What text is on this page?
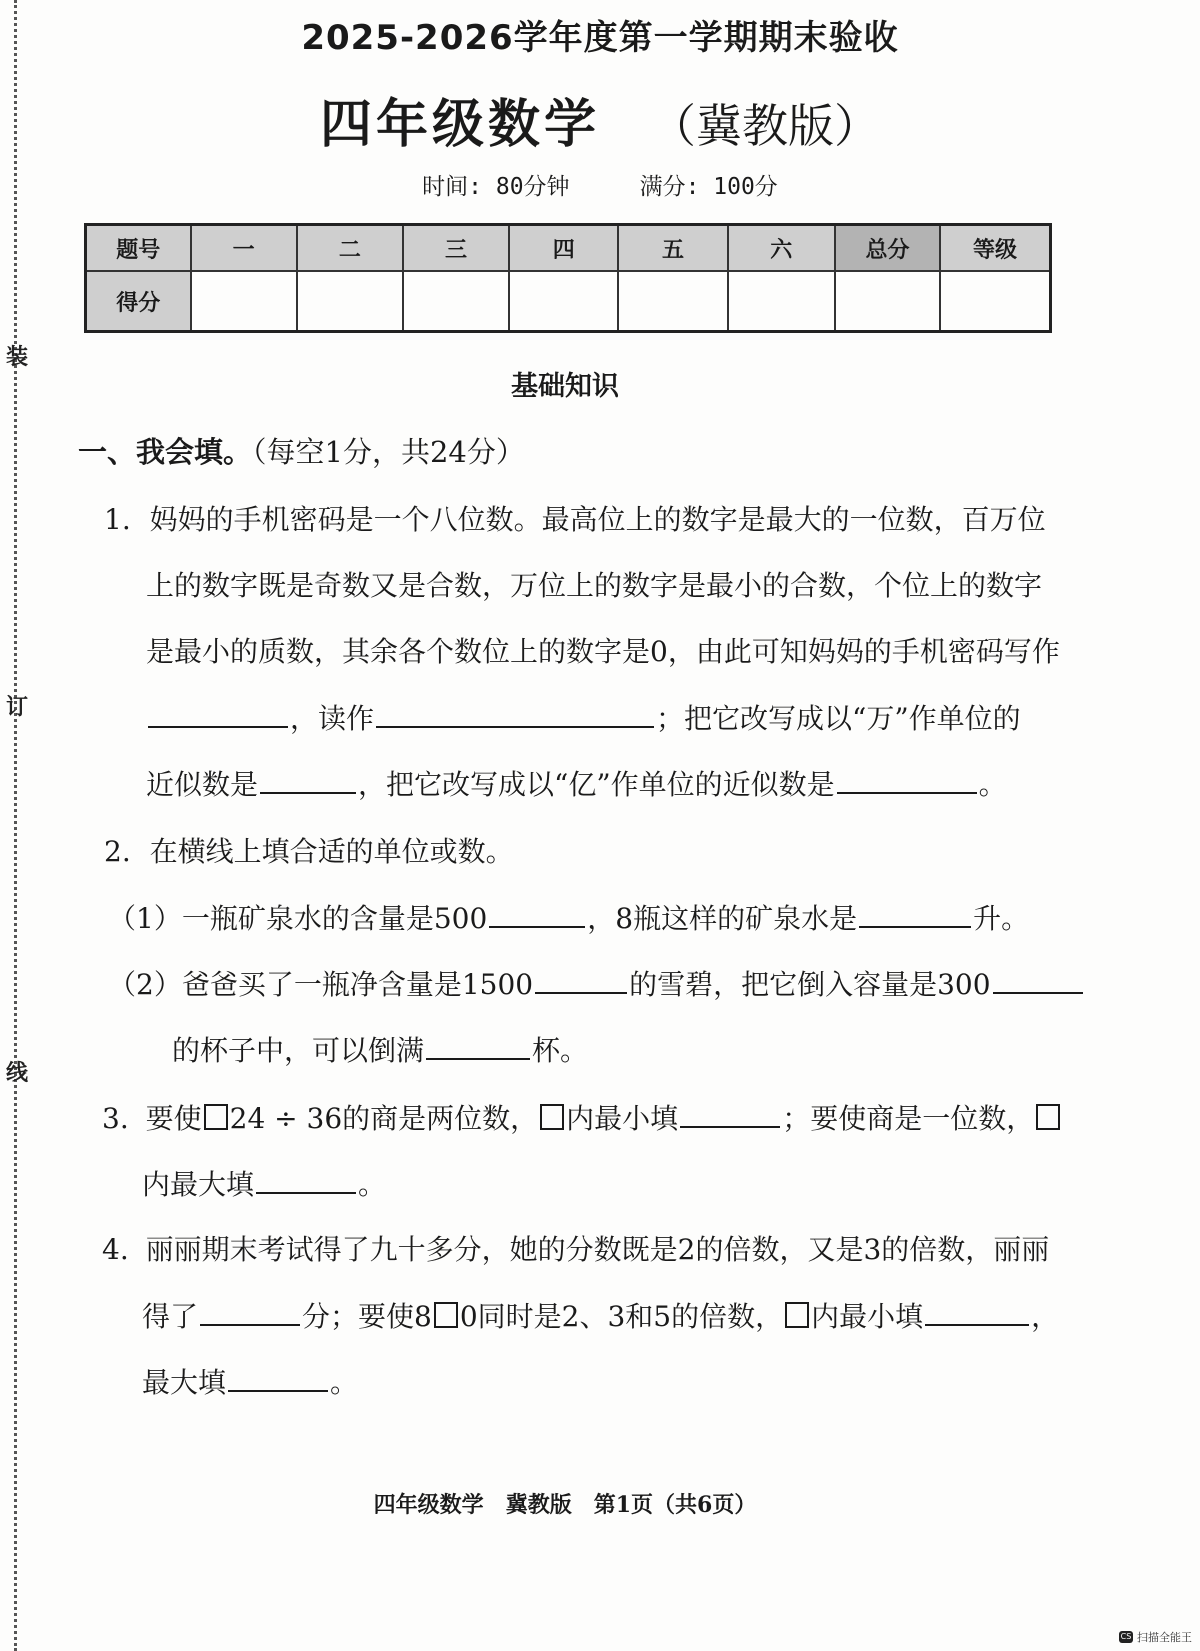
装
订
线
2025-2026学年度第一学期期末验收
四年级数学 （冀教版）
时间: 80分钟	满分: 100分
题号	一	二	三	四	五	六	总分	等级
得分								
基础知识
一、我会填。（每空1分，共24分）
1. 妈妈的手机密码是一个八位数。最高位上的数字是最大的一位数，百万位
上的数字既是奇数又是合数，万位上的数字是最小的合数，个位上的数字
是最小的质数，其余各个数位上的数字是0，由此可知妈妈的手机密码写作
，读作	；把它改写成以“万”作单位的
近似数是	，把它改写成以“亿”作单位的近似数是	。
2. 在横线上填合适的单位或数。
（1）一瓶矿泉水的含量是500	，8瓶这样的矿泉水是	升。
（2）爸爸买了一瓶净含量是1500	的雪碧，把它倒入容量是300
的杯子中，可以倒满	杯。
3. 要使 24 ÷ 36的商是两位数， 内最小填	；要使商是一位数，
内最大填	。
4. 丽丽期末考试得了九十多分，她的分数既是2的倍数，又是3的倍数，丽丽
得了	分；要使8 0同时是2、3和5的倍数， 内最小填	，
最大填	。
四年级数学 冀教版 第1页（共6页）
CS 扫描全能王
